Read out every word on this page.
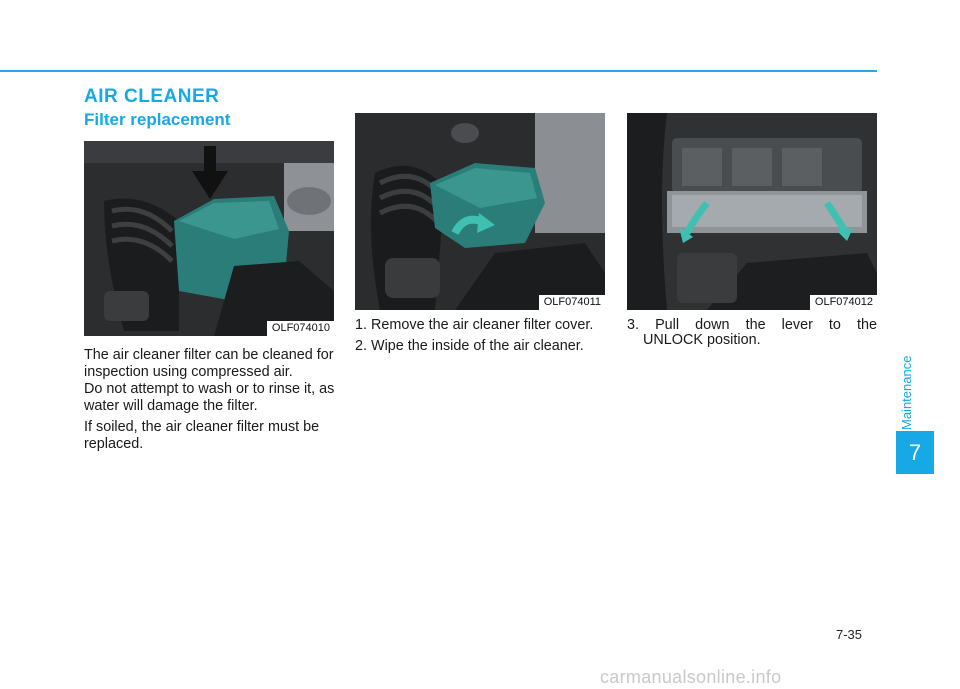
AIR CLEANER
Filter replacement
OLF074010
OLF074011	OLF074012

The air cleaner filter can be cleaned for inspection using compressed air.

Do not attempt to wash or to rinse it, as water will damage the filter.

If soiled, the air cleaner filter must be replaced.

1. Remove the air cleaner filter cover.

2. Wipe the inside of the air cleaner.

3. Pull down the lever to the

UNLOCK position.

Maintenance
7
7-35
carmanualsonline.info
